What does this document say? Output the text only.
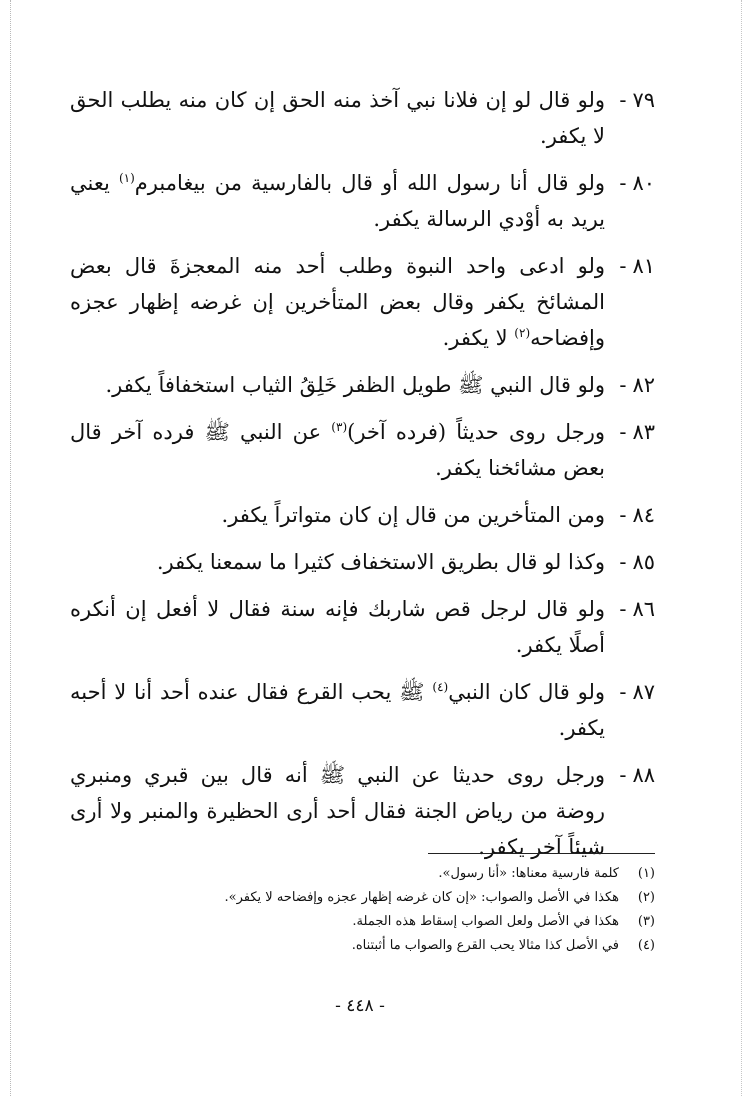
٧٩-
ولو قال لو إن فلانا نبي آخذ منه الحق إن كان منه يطلب الحق لا يكفر.
٨٠-
ولو قال أنا رسول الله أو قال بالفارسية من بيغامبرم$^{(١)}$ يعني يريد به أوْدي الرسالة يكفر.
٨١-
ولو ادعى واحد النبوة وطلب أحد منه المعجزةَ قال بعض المشائخ يكفر وقال بعض المتأخرين إن غرضه إظهار عجزه وإفضاحه$^{(٢)}$ لا يكفر.
٨٢-
ولو قال النبي ﷺ طويل الظفر خَلِقُ الثياب استخفافاً يكفر.
٨٣-
ورجل روى حديثاً (فرده آخر)$^{(٣)}$ عن النبي ﷺ فرده آخر قال بعض مشائخنا يكفر.
٨٤-
ومن المتأخرين من قال إن كان متواتراً يكفر.
٨٥-
وكذا لو قال بطريق الاستخفاف كثيرا ما سمعنا يكفر.
٨٦-
ولو قال لرجل قص شاربك فإنه سنة فقال لا أفعل إن أنكره أصلًا يكفر.
٨٧-
ولو قال كان النبي$^{(٤)}$ ﷺ يحب القرع فقال عنده أحد أنا لا أحبه يكفر.
٨٨-
ورجل روى حديثا عن النبي ﷺ أنه قال بين قبري ومنبري روضة من رياض الجنة فقال أحد أرى الحظيرة والمنبر ولا أرى شيئاً آخر يكفر.
(١)
كلمة فارسية معناها: «أنا رسول».
(٢)
هكذا في الأصل والصواب: «إن كان غرضه إظهار عجزه وإفضاحه لا يكفر».
(٣)
هكذا في الأصل ولعل الصواب إسقاط هذه الجملة.
(٤)
في الأصل كذا مثالا يحب القرع والصواب ما أثبتناه.
- ٤٤٨ -
